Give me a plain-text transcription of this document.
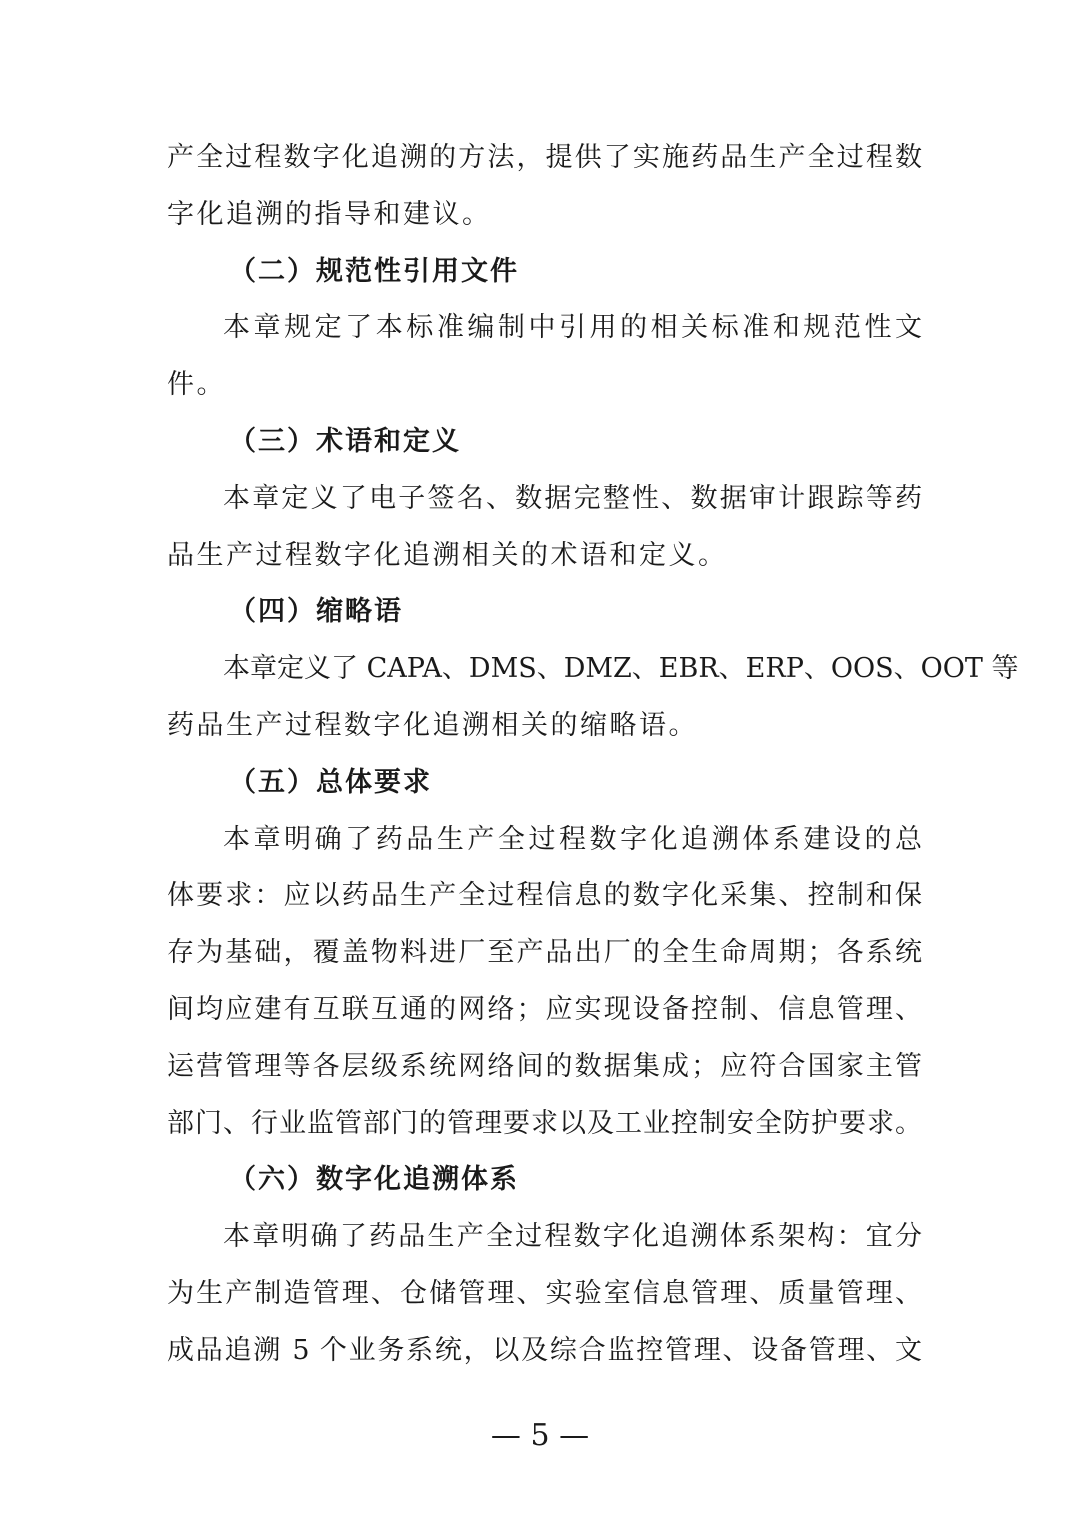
产全过程数字化追溯的方法，提供了实施药品生产全过程数
字化追溯的指导和建议。
（二）规范性引用文件
本章规定了本标准编制中引用的相关标准和规范性文
件。
（三）术语和定义
本章定义了电子签名、数据完整性、数据审计跟踪等药
品生产过程数字化追溯相关的术语和定义。
（四）缩略语
本章定义了 CAPA、DMS、DMZ、EBR、ERP、OOS、OOT 等
药品生产过程数字化追溯相关的缩略语。
（五）总体要求
本章明确了药品生产全过程数字化追溯体系建设的总
体要求：应以药品生产全过程信息的数字化采集、控制和保
存为基础，覆盖物料进厂至产品出厂的全生命周期；各系统
间均应建有互联互通的网络；应实现设备控制、信息管理、
运营管理等各层级系统网络间的数据集成；应符合国家主管
部门、行业监管部门的管理要求以及工业控制安全防护要求。
（六）数字化追溯体系
本章明确了药品生产全过程数字化追溯体系架构：宜分
为生产制造管理、仓储管理、实验室信息管理、质量管理、
成品追溯 5 个业务系统，以及综合监控管理、设备管理、文
— 5 —
